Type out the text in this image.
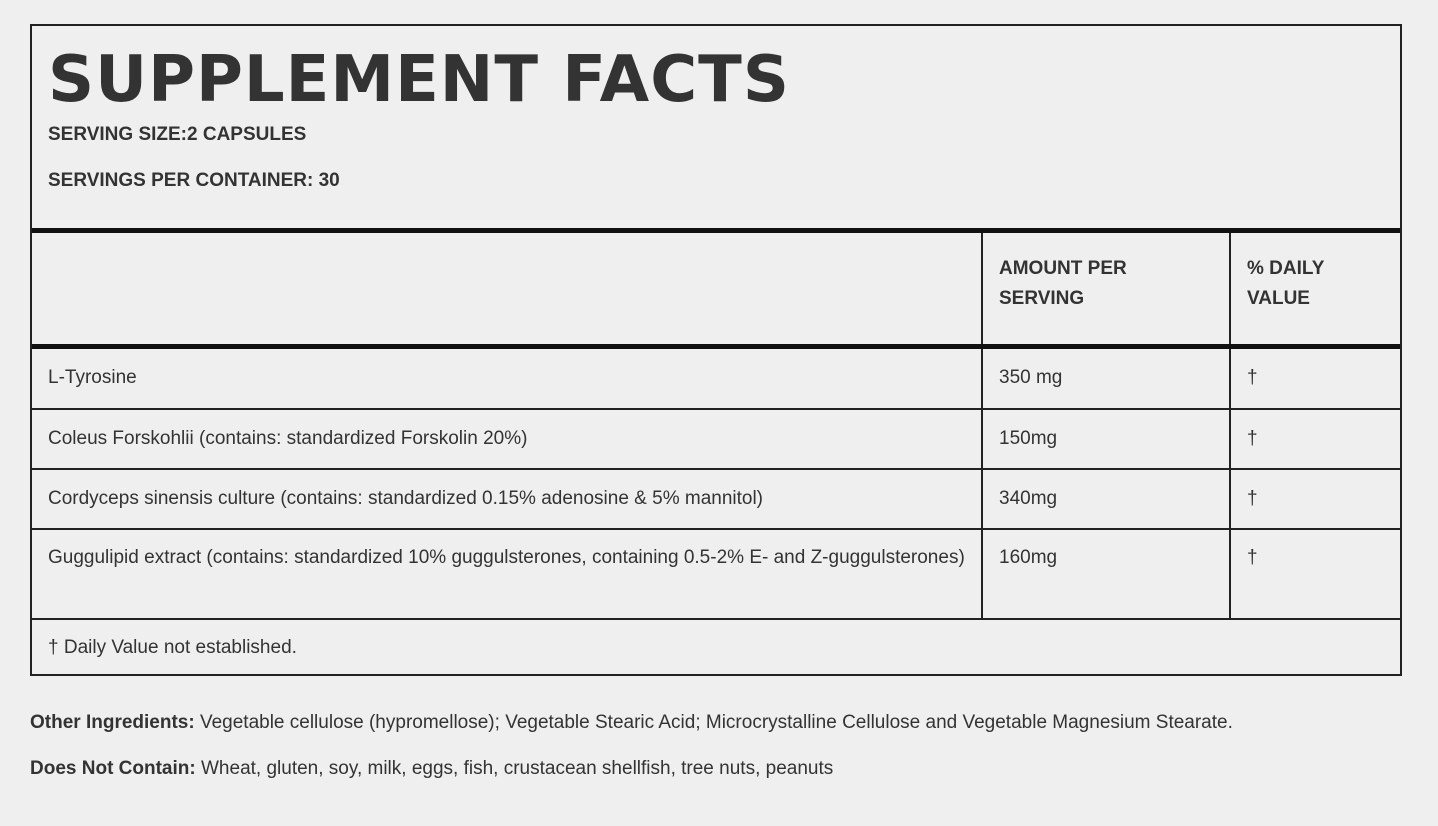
SUPPLEMENT FACTS
SERVING SIZE:2 CAPSULES
SERVINGS PER CONTAINER: 30
	AMOUNT PER SERVING	% DAILY VALUE
L-Tyrosine	350 mg	†
Coleus Forskohlii (contains: standardized Forskolin 20%)	150mg	†
Cordyceps sinensis culture (contains: standardized 0.15% adenosine & 5% mannitol)	340mg	†
Guggulipid extract (contains: standardized 10% guggulsterones, containing 0.5-2% E- and Z-guggulsterones)	160mg	†
† Daily Value not established.		
Other Ingredients: Vegetable cellulose (hypromellose); Vegetable Stearic Acid; Microcrystalline Cellulose and Vegetable Magnesium Stearate.
Does Not Contain: Wheat, gluten, soy, milk, eggs, fish, crustacean shellfish, tree nuts, peanuts
